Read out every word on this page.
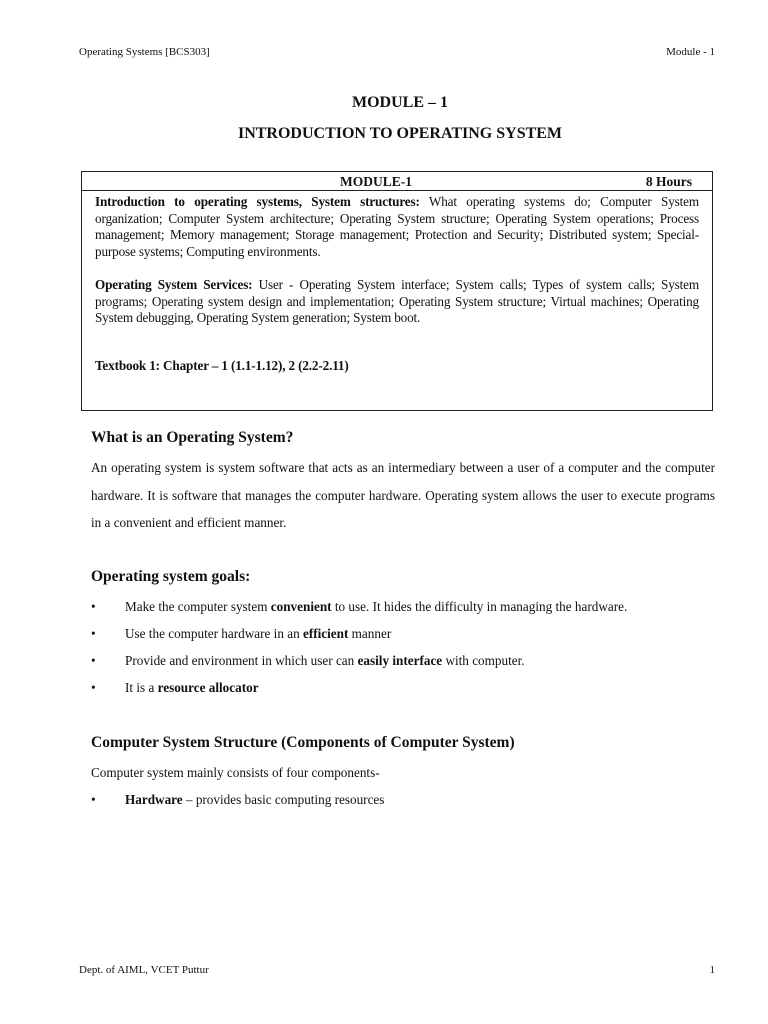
Operating Systems [BCS303]	Module - 1
MODULE – 1
INTRODUCTION TO OPERATING SYSTEM
MODULE-1	8 Hours

Introduction to operating systems, System structures: What operating systems do; Computer System organization; Computer System architecture; Operating System structure; Operating System operations; Process management; Memory management; Storage management; Protection and Security; Distributed system; Special-purpose systems; Computing environments.

Operating System Services: User - Operating System interface; System calls; Types of system calls; System programs; Operating system design and implementation; Operating System structure; Virtual machines; Operating System debugging, Operating System generation; System boot.

Textbook 1: Chapter – 1 (1.1-1.12), 2 (2.2-2.11)

What is an Operating System?

An operating system is system software that acts as an intermediary between a user of a computer and the computer hardware. It is software that manages the computer hardware. Operating system allows the user to execute programs in a convenient and efficient manner.

Operating system goals:
• Make the computer system convenient to use. It hides the difficulty in managing the hardware.
• Use the computer hardware in an efficient manner
• Provide and environment in which user can easily interface with computer.
• It is a resource allocator
Computer System Structure (Components of Computer System)
Computer system mainly consists of four components-
• Hardware – provides basic computing resources
Dept. of AIML, VCET Puttur	1
